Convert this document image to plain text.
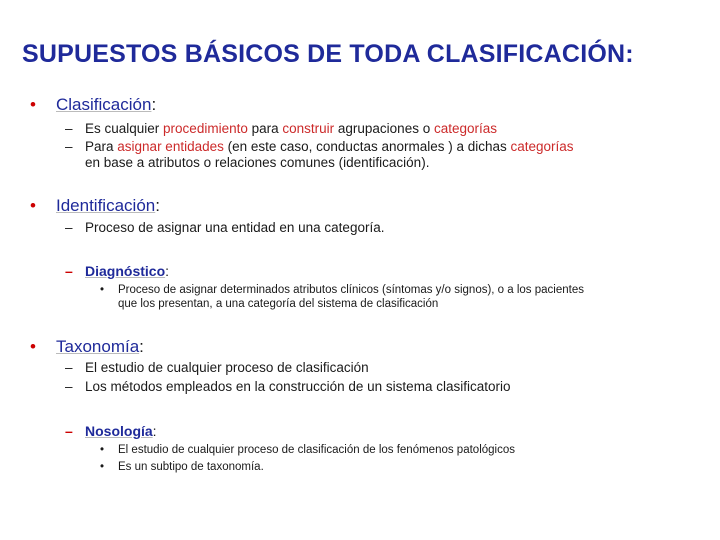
SUPUESTOS BÁSICOS DE TODA CLASIFICACIÓN:
• Clasificación:
– Es cualquier procedimiento para construir agrupaciones o categorías
– Para asignar entidades (en este caso, conductas anormales ) a dichas categorías
en base a atributos o relaciones comunes (identificación).
• Identificación:
– Proceso de asignar una entidad en una categoría.
– Diagnóstico:
• Proceso de asignar determinados atributos clínicos (síntomas y/o signos), o a los pacientes
que los presentan, a una categoría del sistema de clasificación
• Taxonomía:
– El estudio de cualquier proceso de clasificación
– Los métodos empleados en la construcción de un sistema clasificatorio
– Nosología:
• El estudio de cualquier proceso de clasificación de los fenómenos patológicos
• Es un subtipo de taxonomía.
